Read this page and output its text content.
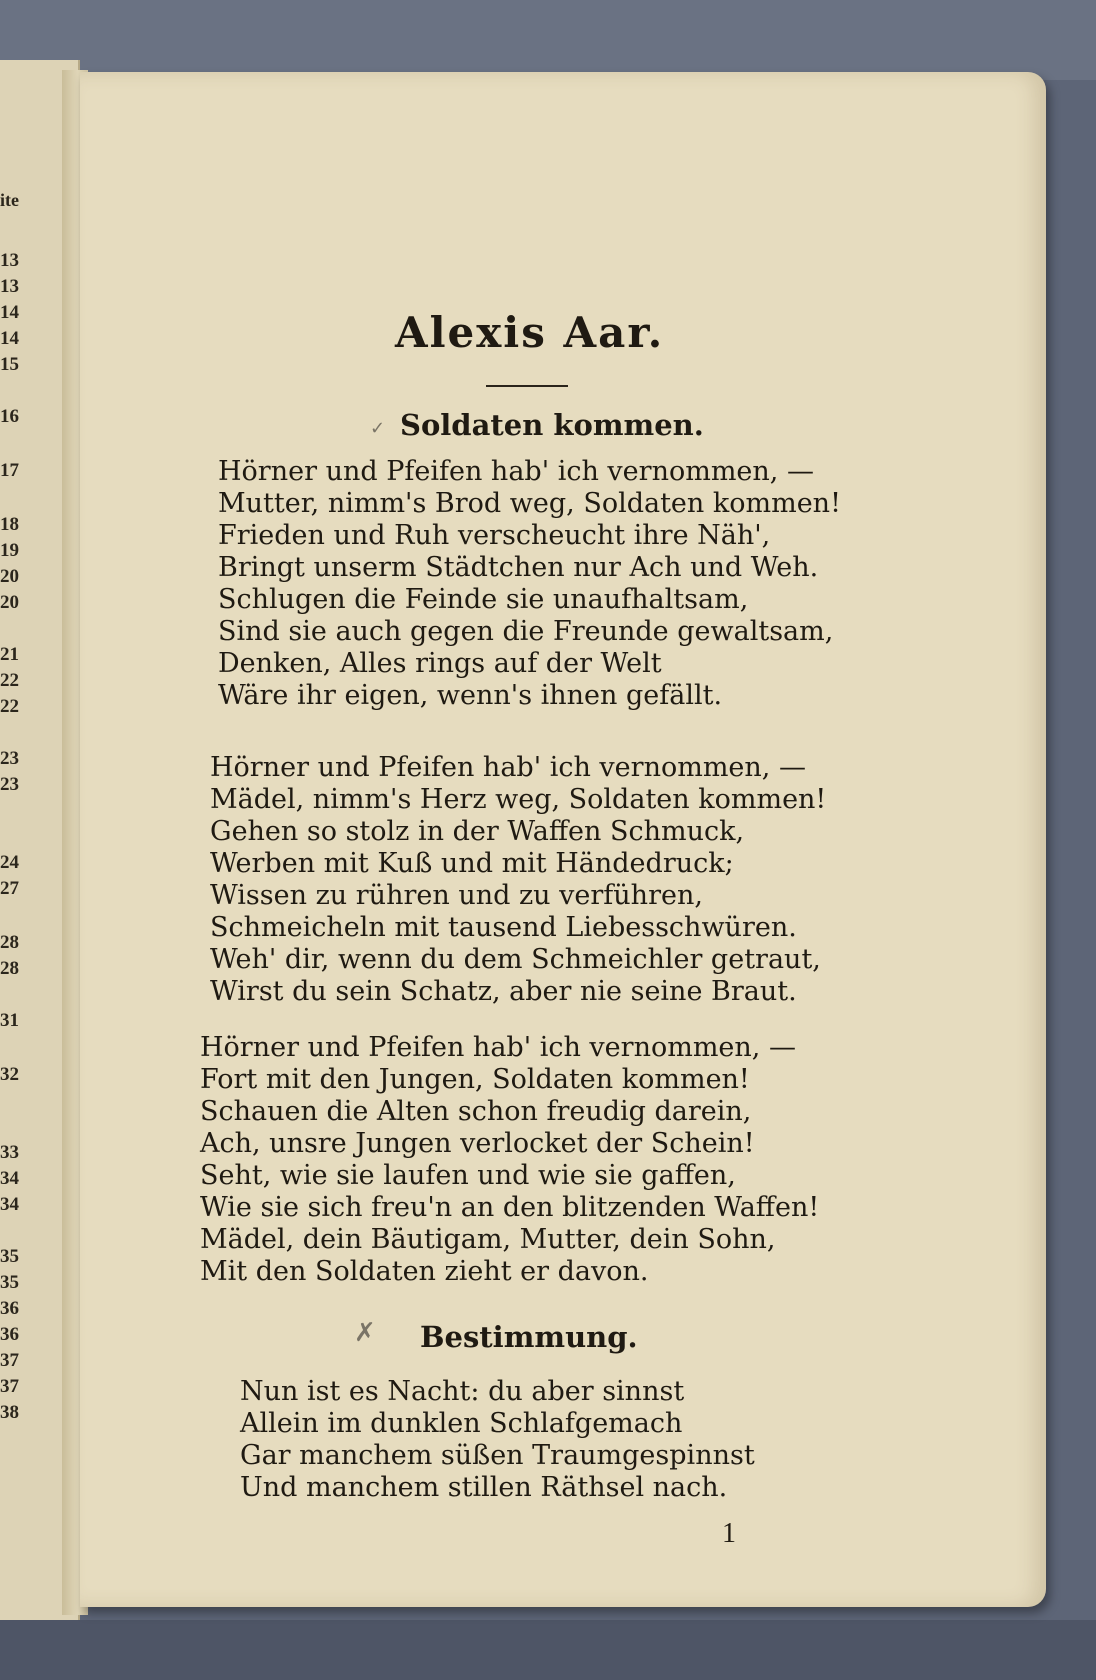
ite
13
13
14
14
15
16
17
18
19
20
20
21
22
22
23
23
24
27
28
28
31
32
33
34
34
35
35
36
36
37
37
38
Alexis Aar.
✓ Soldaten kommen.
Hörner und Pfeifen hab' ich vernommen, —
Mutter, nimm's Brod weg, Soldaten kommen!
Frieden und Ruh verscheucht ihre Näh',
Bringt unserm Städtchen nur Ach und Weh.
Schlugen die Feinde sie unaufhaltsam,
Sind sie auch gegen die Freunde gewaltsam,
Denken, Alles rings auf der Welt
Wäre ihr eigen, wenn's ihnen gefällt.
Hörner und Pfeifen hab' ich vernommen, —
Mädel, nimm's Herz weg, Soldaten kommen!
Gehen so stolz in der Waffen Schmuck,
Werben mit Kuß und mit Händedruck;
Wissen zu rühren und zu verführen,
Schmeicheln mit tausend Liebesschwüren.
Weh' dir, wenn du dem Schmeichler getraut,
Wirst du sein Schatz, aber nie seine Braut.
Hörner und Pfeifen hab' ich vernommen, —
Fort mit den Jungen, Soldaten kommen!
Schauen die Alten schon freudig darein,
Ach, unsre Jungen verlocket der Schein!
Seht, wie sie laufen und wie sie gaffen,
Wie sie sich freu'n an den blitzenden Waffen!
Mädel, dein Bäutigam, Mutter, dein Sohn,
Mit den Soldaten zieht er davon.
✗ Bestimmung.
Nun ist es Nacht: du aber sinnst
Allein im dunklen Schlafgemach
Gar manchem süßen Traumgespinnst
Und manchem stillen Räthsel nach.
1
